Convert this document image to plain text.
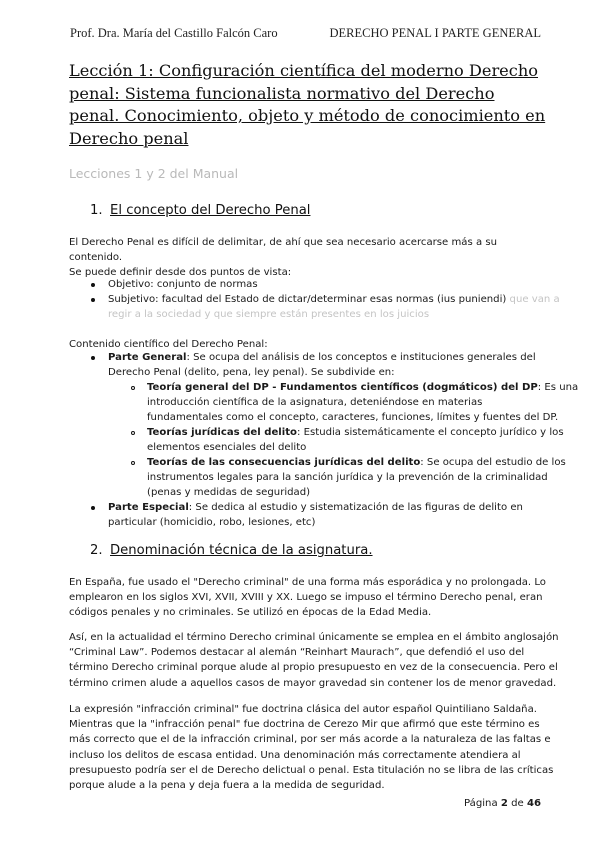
Prof. Dra. María del Castillo Falcón Caro	DERECHO PENAL I PARTE GENERAL
Lección 1: Configuración científica del moderno Derecho penal: Sistema funcionalista normativo del Derecho penal. Conocimiento, objeto y método de conocimiento en Derecho penal
Lecciones 1 y 2 del Manual
1. El concepto del Derecho Penal
El Derecho Penal es difícil de delimitar, de ahí que sea necesario acercarse más a su contenido.
Se puede definir desde dos puntos de vista:
Objetivo: conjunto de normas
Subjetivo: facultad del Estado de dictar/determinar esas normas (ius puniendi) que van a
regir a la sociedad y que siempre están presentes en los juicios
Contenido científico del Derecho Penal:
Parte General: Se ocupa del análisis de los conceptos e instituciones generales del
Derecho Penal (delito, pena, ley penal). Se subdivide en:
Teoría general del DP - Fundamentos científicos (dogmáticos) del DP: Es una
introducción científica de la asignatura, deteniéndose en materias
fundamentales como el concepto, caracteres, funciones, límites y fuentes del DP.
Teorías jurídicas del delito: Estudia sistemáticamente el concepto jurídico y los
elementos esenciales del delito
Teorías de las consecuencias jurídicas del delito: Se ocupa del estudio de los
instrumentos legales para la sanción jurídica y la prevención de la criminalidad
(penas y medidas de seguridad)
Parte Especial: Se dedica al estudio y sistematización de las figuras de delito en
particular (homicidio, robo, lesiones, etc)
2. Denominación técnica de la asignatura.
En España, fue usado el "Derecho criminal" de una forma más esporádica y no prolongada. Lo
emplearon en los siglos XVI, XVII, XVIII y XX. Luego se impuso el término Derecho penal, eran
códigos penales y no criminales. Se utilizó en épocas de la Edad Media.
Así, en la actualidad el término Derecho criminal únicamente se emplea en el ámbito anglosajón
“Criminal Law”. Podemos destacar al alemán “Reinhart Maurach”, que defendió el uso del
término Derecho criminal porque alude al propio presupuesto en vez de la consecuencia. Pero el
término crimen alude a aquellos casos de mayor gravedad sin contener los de menor gravedad.
La expresión "infracción criminal" fue doctrina clásica del autor español Quintiliano Saldaña.
Mientras que la "infracción penal" fue doctrina de Cerezo Mir que afirmó que este término es
más correcto que el de la infracción criminal, por ser más acorde a la naturaleza de las faltas e
incluso los delitos de escasa entidad. Una denominación más correctamente atendiera al
presupuesto podría ser el de Derecho delictual o penal. Esta titulación no se libra de las críticas
porque alude a la pena y deja fuera a la medida de seguridad.
Página 2 de 46
